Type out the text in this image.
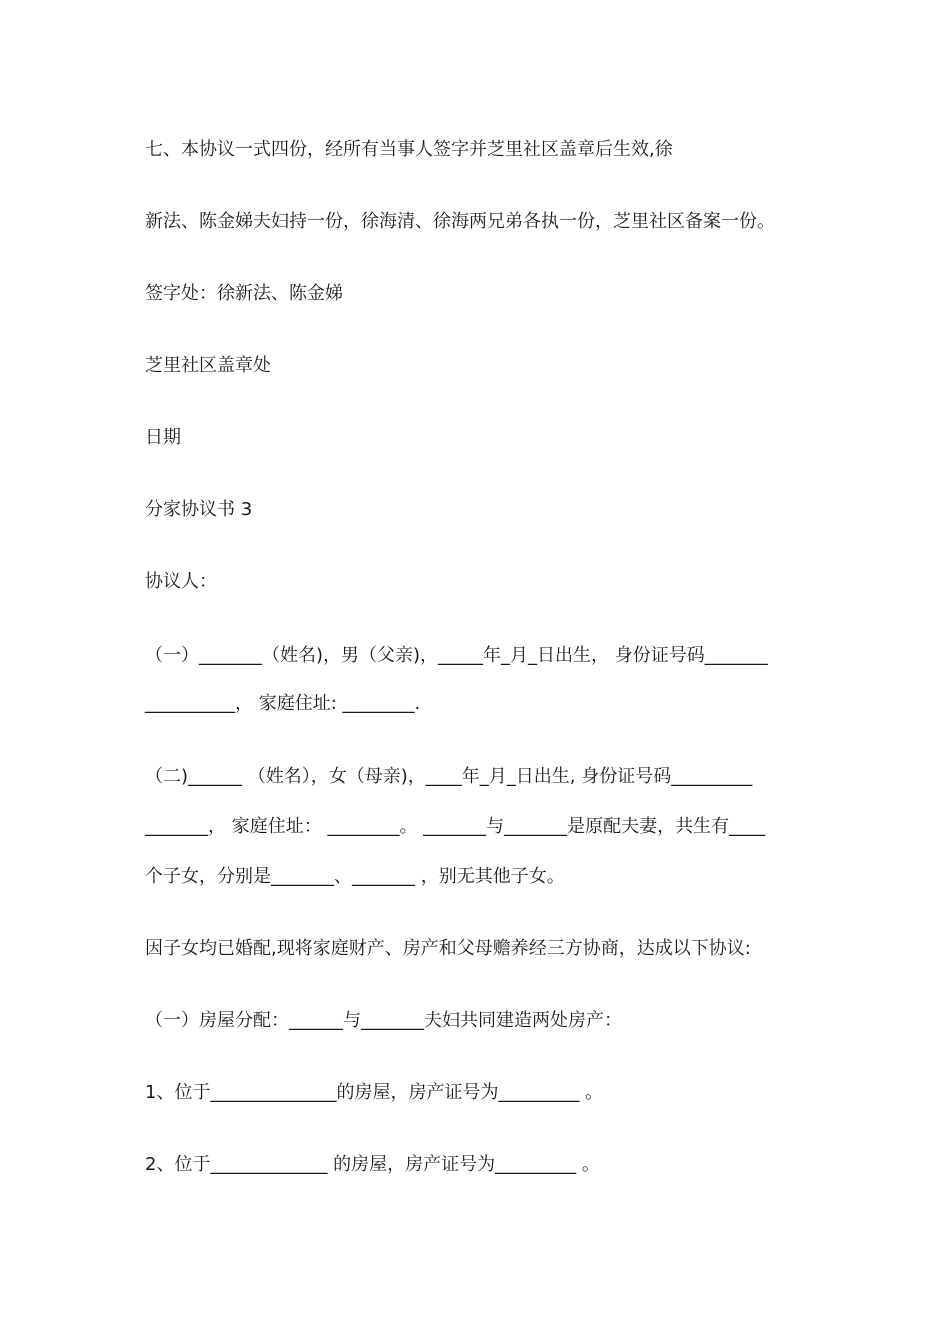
七、本协议一式四份，经所有当事人签字并芝里社区盖章后生效,徐
新法、陈金娣夫妇持一份，徐海清、徐海两兄弟各执一份，芝里社区备案一份。
签字处：徐新法、陈金娣
芝里社区盖章处
日期
分家协议书 3
协议人：
（一）_______（姓名)，男（父亲)，_____年_月_日出生， 身份证号码_______
__________， 家庭住址: ________.
（二)______ （姓名），女（母亲)，____年_月_日出生, 身份证号码_________
_______， 家庭住址： ________。 _______与_______是原配夫妻，共生有____
个子女，分别是_______、_______ ，别无其他子女。
因子女均已婚配,现将家庭财产、房产和父母赡养经三方协商，达成以下协议:
（一）房屋分配：______与_______夫妇共同建造两处房产：
1、位于______________的房屋，房产证号为_________ 。
2、位于_____________ 的房屋，房产证号为_________ 。
